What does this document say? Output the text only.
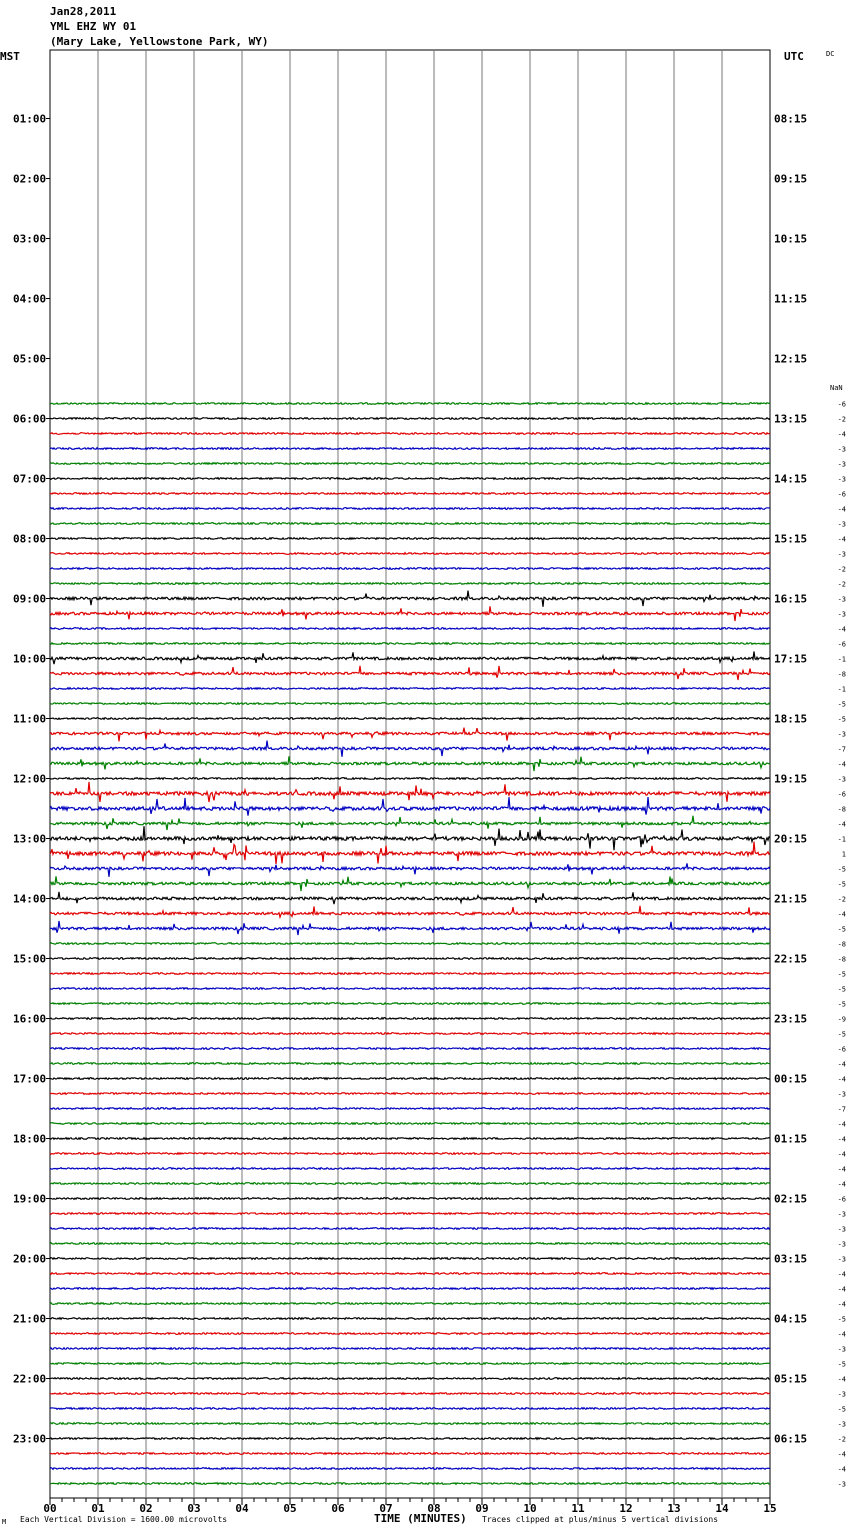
Jan28,2011
YML EHZ WY 01
(Mary Lake, Yellowstone Park, WY)
MST	UTC	DC
NaN
00	01	02	03	04	05	06	07	08	09	10	11	12	13	14	15
01:00
02:00
03:00
04:00
05:00
06:00
07:00
08:00
09:00
10:00
11:00
12:00
13:00
14:00
15:00
16:00
17:00
18:00
19:00
20:00
21:00
22:00
23:00
08:15
09:15
10:15
11:15
12:15
13:15
14:15
15:15
16:15
17:15
18:15
19:15
20:15
21:15
22:15
23:15
00:15
01:15
02:15
03:15
04:15
05:15
06:15
-6
-2
-4
-3
-3
-3
-6
-4
-3
-4
-3
-2
-2
-3
-3
-4
-6
-1
-8
-1
-5
-5
-3
-7
-4
-3
-6
-8
-4
-1
1
-5
-5
-2
-4
-5
-8
-8
-5
-5
-5
-9
-5
-6
-4
-4
-3
-7
-4
-4
-4
-4
-4
-6
-3
-3
-3
-3
-4
-4
-4
-5
-4
-3
-5
-4
-3
-5
-3
-2
-4
-4
-3
M Each Vertical Division = 1600.00 microvolts	TIME (MINUTES) Traces clipped at plus/minus 5 vertical divisions
